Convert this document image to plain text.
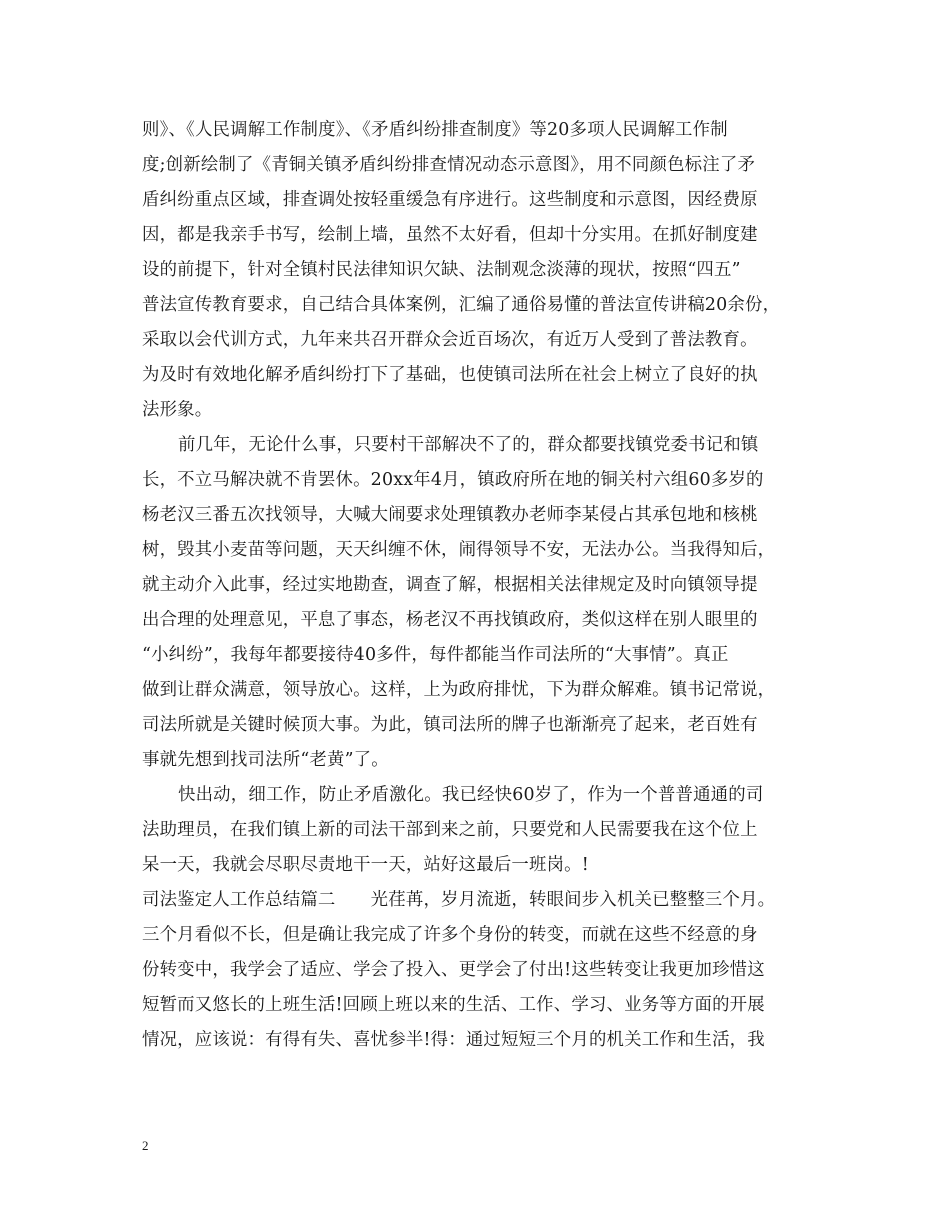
则》、《人民调解工作制度》、《矛盾纠纷排查制度》等20多项人民调解工作制
度;创新绘制了《青铜关镇矛盾纠纷排查情况动态示意图》，用不同颜色标注了矛
盾纠纷重点区域，排查调处按轻重缓急有序进行。这些制度和示意图，因经费原
因，都是我亲手书写，绘制上墙，虽然不太好看，但却十分实用。在抓好制度建
设的前提下，针对全镇村民法律知识欠缺、法制观念淡薄的现状，按照“四五”
普法宣传教育要求，自己结合具体案例，汇编了通俗易懂的普法宣传讲稿20余份，
采取以会代训方式，九年来共召开群众会近百场次，有近万人受到了普法教育。
为及时有效地化解矛盾纠纷打下了基础，也使镇司法所在社会上树立了良好的执
法形象。
前几年，无论什么事，只要村干部解决不了的，群众都要找镇党委书记和镇
长，不立马解决就不肯罢休。20xx年4月，镇政府所在地的铜关村六组60多岁的
杨老汉三番五次找领导，大喊大闹要求处理镇教办老师李某侵占其承包地和核桃
树，毁其小麦苗等问题，天天纠缠不休，闹得领导不安，无法办公。当我得知后，
就主动介入此事，经过实地勘查，调查了解，根据相关法律规定及时向镇领导提
出合理的处理意见，平息了事态，杨老汉不再找镇政府，类似这样在别人眼里的
“小纠纷”，我每年都要接待40多件，每件都能当作司法所的“大事情”。真正
做到让群众满意，领导放心。这样，上为政府排忧，下为群众解难。镇书记常说，
司法所就是关键时候顶大事。为此，镇司法所的牌子也渐渐亮了起来，老百姓有
事就先想到找司法所“老黄”了。
快出动，细工作，防止矛盾激化。我已经快60岁了，作为一个普普通通的司
法助理员，在我们镇上新的司法干部到来之前，只要党和人民需要我在这个位上
呆一天，我就会尽职尽责地干一天，站好这最后一班岗。!
司法鉴定人工作总结篇二　　光荏苒，岁月流逝，转眼间步入机关已整整三个月。
三个月看似不长，但是确让我完成了许多个身份的转变，而就在这些不经意的身
份转变中，我学会了适应、学会了投入、更学会了付出!这些转变让我更加珍惜这
短暂而又悠长的上班生活!回顾上班以来的生活、工作、学习、业务等方面的开展
情况，应该说：有得有失、喜忧参半!得：通过短短三个月的机关工作和生活，我
2
